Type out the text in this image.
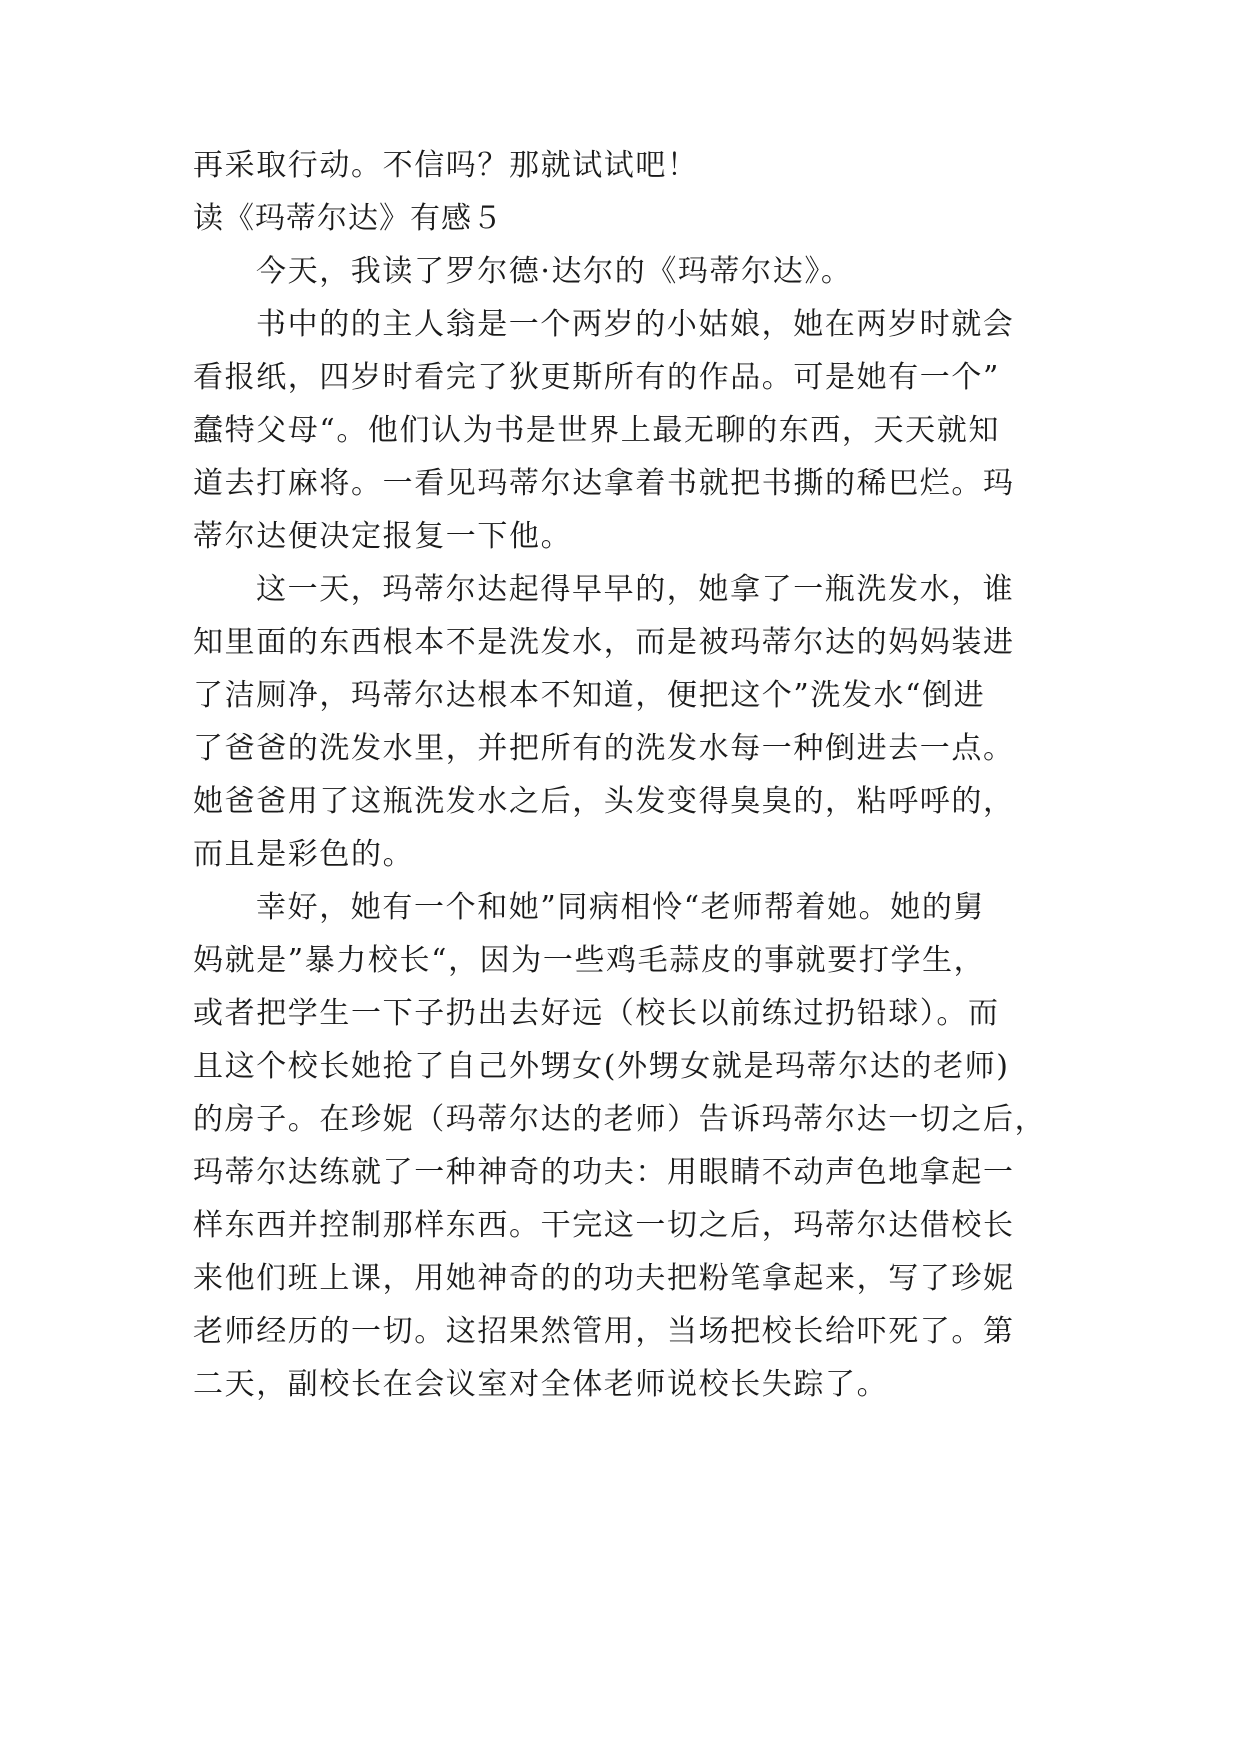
再采取行动。不信吗？那就试试吧！
读《玛蒂尔达》有感５
今天，我读了罗尔德·达尔的《玛蒂尔达》。
书中的的主人翁是一个两岁的小姑娘，她在两岁时就会
看报纸，四岁时看完了狄更斯所有的作品。可是她有一个”
蠢特父母“。他们认为书是世界上最无聊的东西，天天就知
道去打麻将。一看见玛蒂尔达拿着书就把书撕的稀巴烂。玛
蒂尔达便决定报复一下他。
这一天，玛蒂尔达起得早早的，她拿了一瓶洗发水，谁
知里面的东西根本不是洗发水，而是被玛蒂尔达的妈妈装进
了洁厕净，玛蒂尔达根本不知道，便把这个”洗发水“倒进
了爸爸的洗发水里，并把所有的洗发水每一种倒进去一点。
她爸爸用了这瓶洗发水之后，头发变得臭臭的，粘呼呼的，
而且是彩色的。
幸好，她有一个和她”同病相怜“老师帮着她。她的舅
妈就是”暴力校长“，因为一些鸡毛蒜皮的事就要打学生，
或者把学生一下子扔出去好远（校长以前练过扔铅球）。而
且这个校长她抢了自己外甥女(外甥女就是玛蒂尔达的老师)
的房子。在珍妮（玛蒂尔达的老师）告诉玛蒂尔达一切之后，
玛蒂尔达练就了一种神奇的功夫：用眼睛不动声色地拿起一
样东西并控制那样东西。干完这一切之后，玛蒂尔达借校长
来他们班上课，用她神奇的的功夫把粉笔拿起来，写了珍妮
老师经历的一切。这招果然管用，当场把校长给吓死了。第
二天，副校长在会议室对全体老师说校长失踪了。
